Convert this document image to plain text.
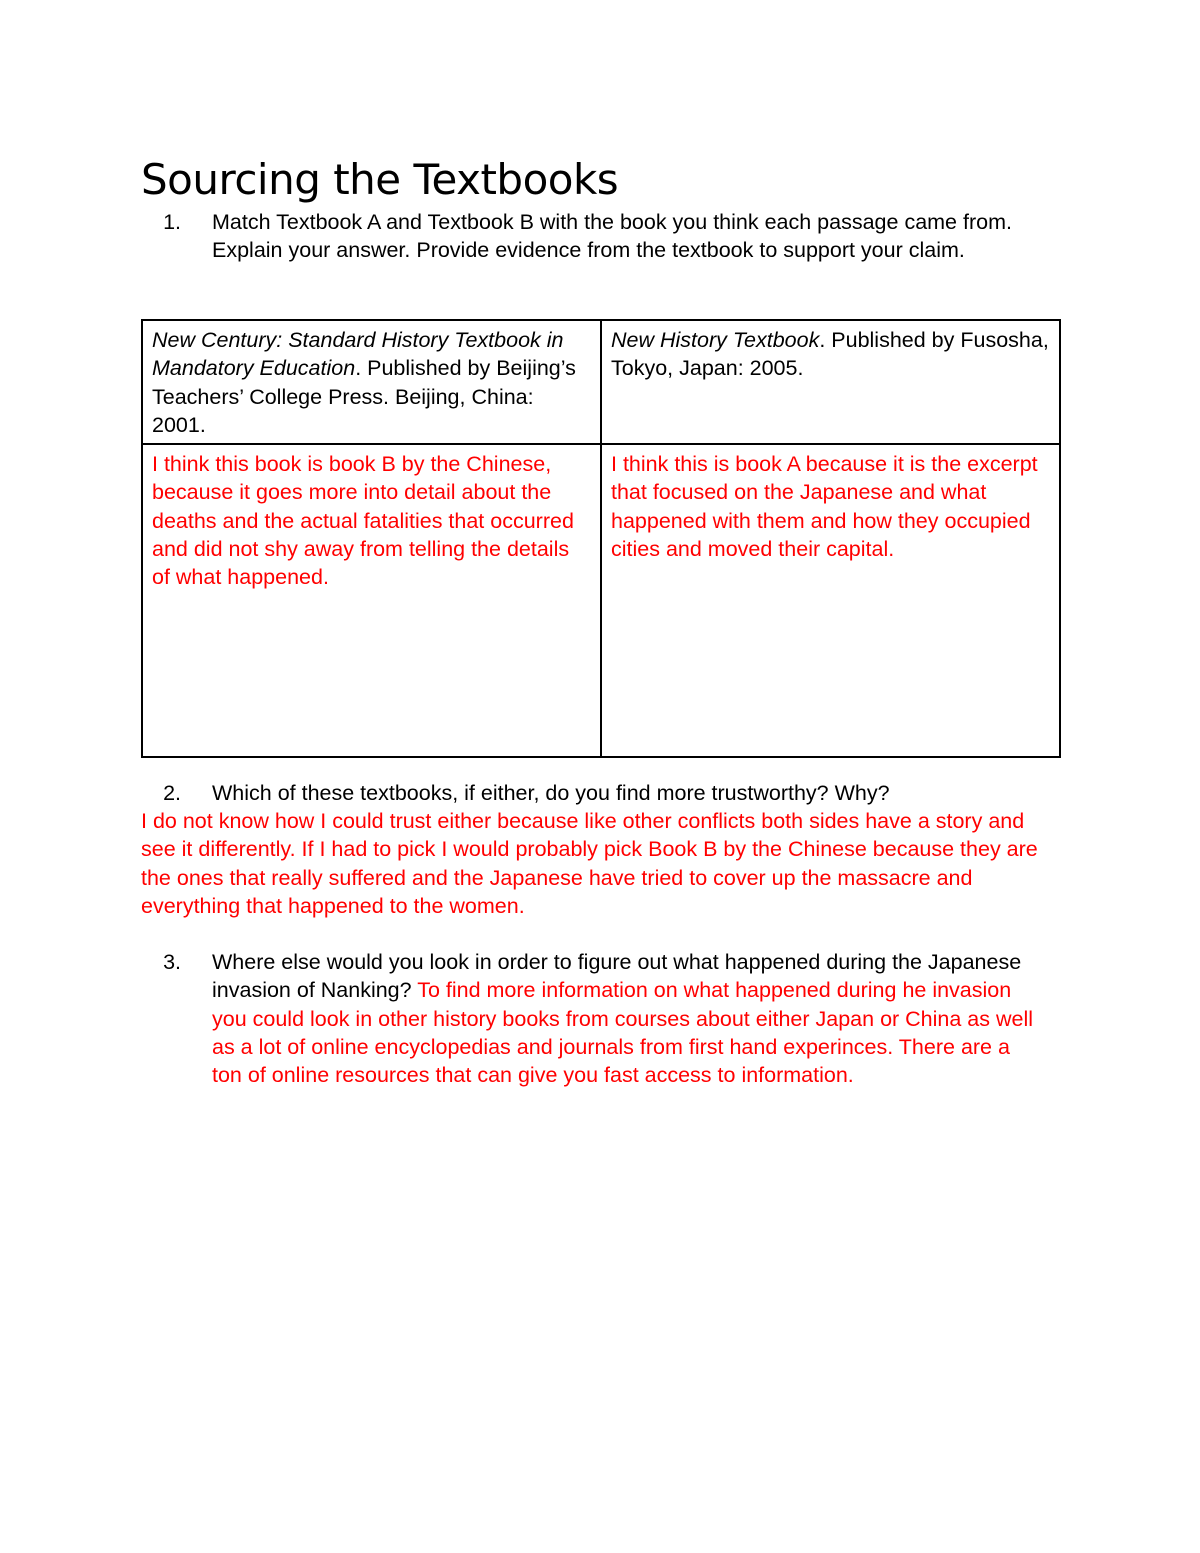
Sourcing the Textbooks
1. Match Textbook A and Textbook B with the book you think each passage came from. Explain your answer. Provide evidence from the textbook to support your claim.
New Century: Standard History Textbook in Mandatory Education. Published by Beijing’s Teachers’ College Press. Beijing, China: 2001.	New History Textbook. Published by Fusosha, Tokyo, Japan: 2005.
I think this book is book B by the Chinese, because it goes more into detail about the deaths and the actual fatalities that occurred and did not shy away from telling the details of what happened.	I think this is book A because it is the excerpt that focused on the Japanese and what happened with them and how they occupied cities and moved their capital.
2. Which of these textbooks, if either, do you find more trustworthy? Why?
I do not know how I could trust either because like other conflicts both sides have a story and see it differently. If I had to pick I would probably pick Book B by the Chinese because they are the ones that really suffered and the Japanese have tried to cover up the massacre and everything that happened to the women.
3. Where else would you look in order to figure out what happened during the Japanese invasion of Nanking? To find more information on what happened during he invasion you could look in other history books from courses about either Japan or China as well as a lot of online encyclopedias and journals from first hand experinces. There are a ton of online resources that can give you fast access to information.
